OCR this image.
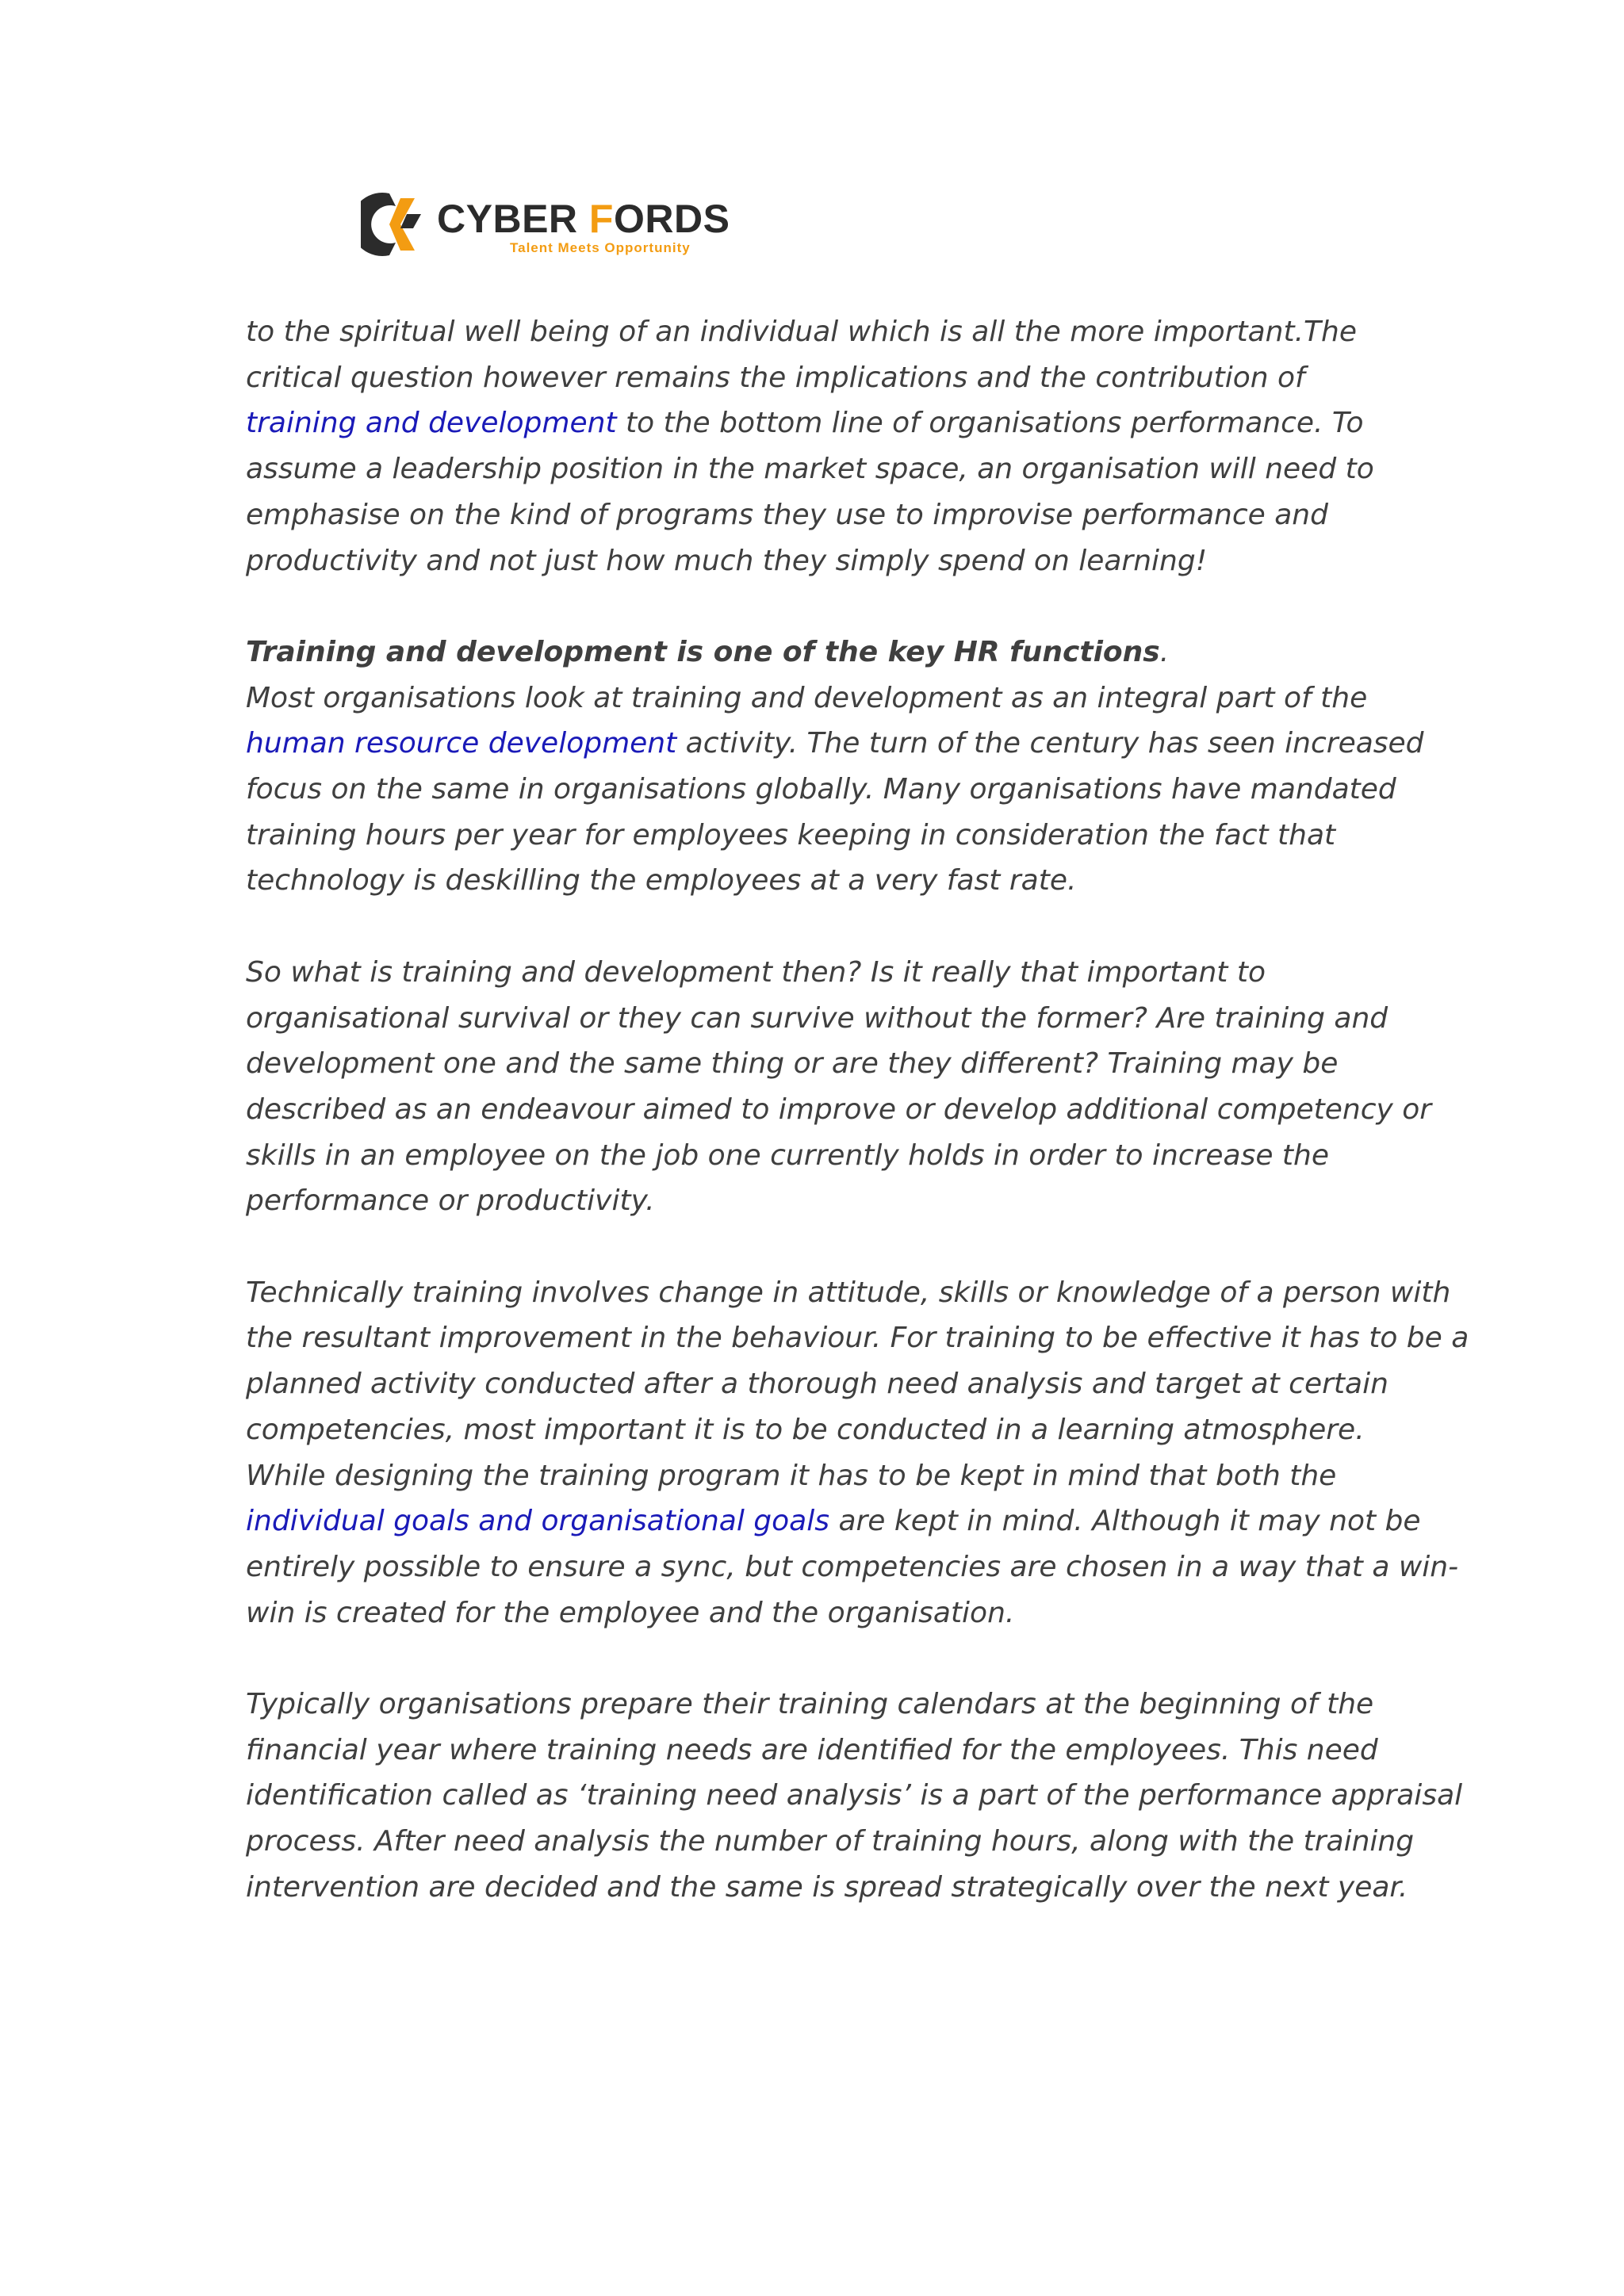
CYBER FORDS
Talent Meets Opportunity

to the spiritual well being of an individual which is all the more important.The
critical question however remains the implications and the contribution of
training and development to the bottom line of organisations performance. To
assume a leadership position in the market space, an organisation will need to
emphasise on the kind of programs they use to improvise performance and
productivity and not just how much they simply spend on learning!

Training and development is one of the key HR functions.
Most organisations look at training and development as an integral part of the
human resource development activity. The turn of the century has seen increased
focus on the same in organisations globally. Many organisations have mandated
training hours per year for employees keeping in consideration the fact that
technology is deskilling the employees at a very fast rate.

So what is training and development then? Is it really that important to
organisational survival or they can survive without the former? Are training and
development one and the same thing or are they different? Training may be
described as an endeavour aimed to improve or develop additional competency or
skills in an employee on the job one currently holds in order to increase the
performance or productivity.

Technically training involves change in attitude, skills or knowledge of a person with
the resultant improvement in the behaviour. For training to be effective it has to be a
planned activity conducted after a thorough need analysis and target at certain
competencies, most important it is to be conducted in a learning atmosphere.
While designing the training program it has to be kept in mind that both the
individual goals and organisational goals are kept in mind. Although it may not be
entirely possible to ensure a sync, but competencies are chosen in a way that a win-
win is created for the employee and the organisation.

Typically organisations prepare their training calendars at the beginning of the
financial year where training needs are identified for the employees. This need
identification called as ‘training need analysis’ is a part of the performance appraisal
process. After need analysis the number of training hours, along with the training
intervention are decided and the same is spread strategically over the next year.
